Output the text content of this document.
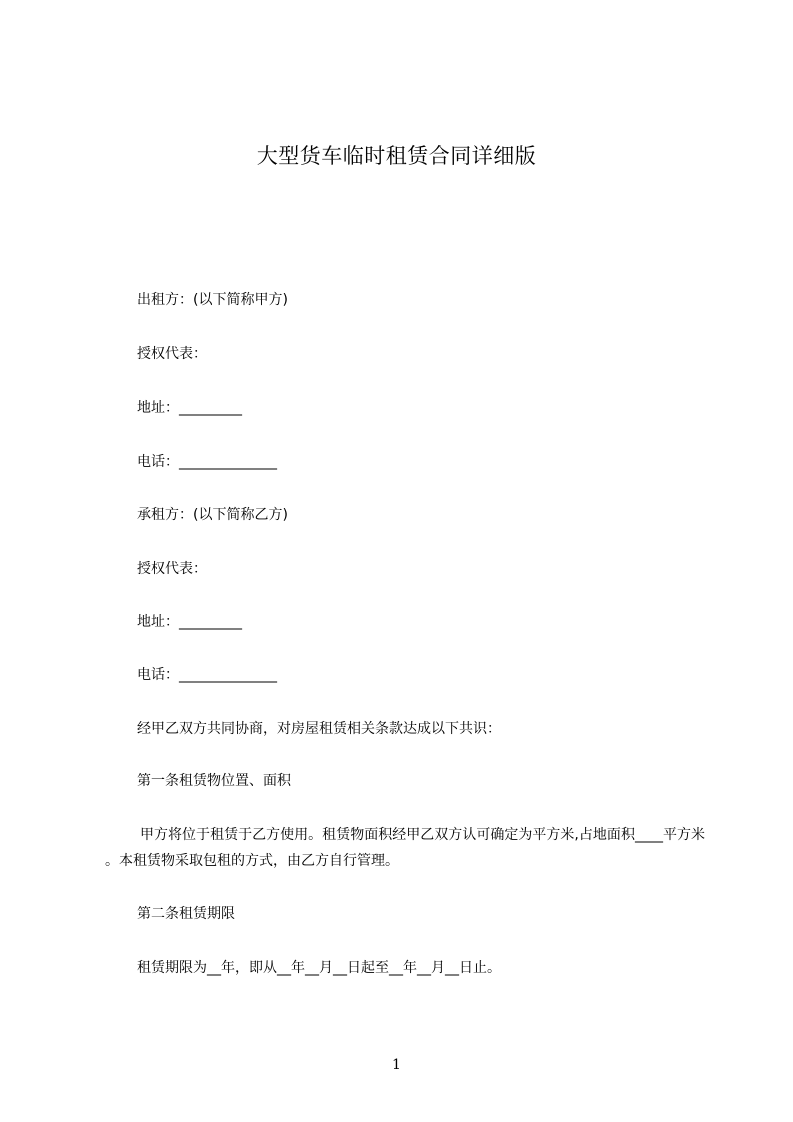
大型货车临时租赁合同详细版
出租方：(以下简称甲方)
授权代表：
地址：_________
电话：______________
承租方：(以下简称乙方)
授权代表：
地址：_________
电话：______________
经甲乙双方共同协商，对房屋租赁相关条款达成以下共识：
第一条租赁物位置、面积
甲方将位于租赁于乙方使用。租赁物面积经甲乙双方认可确定为平方米,占地面积____平方米 。本租赁物采取包租的方式，由乙方自行管理。
第二条租赁期限
租赁期限为__年，即从__年__月__日起至__年__月__日止。
1
